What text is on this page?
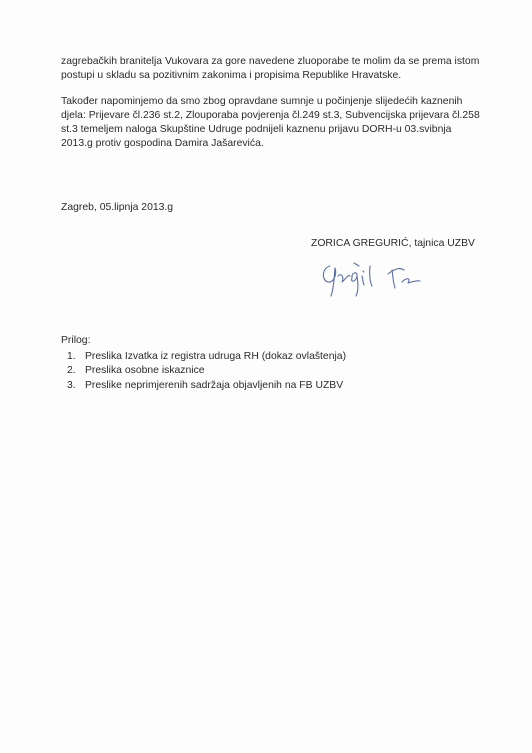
zagrebačkih branitelja Vukovara za gore navedene zluoporabe te molim da se prema istom
postupi u skladu sa pozitivnim zakonima i propisima Republike Hravatske.
Također napominjemo da smo zbog opravdane sumnje u počinjenje slijedećih kaznenih
djela: Prijevare čl.236 st.2, Zlouporaba povjerenja čl.249 st.3, Subvencijska prijevara čl.258
st.3 temeljem naloga Skupštine Udruge podnijeli kaznenu prijavu DORH-u 03.svibnja
2013.g protiv gospodina Damira Jašarevića.
Zagreb, 05.lipnja 2013.g
ZORICA GREGURIĆ, tajnica UZBV
Prilog:
Preslika Izvatka iz registra udruga RH (dokaz ovlaštenja)
Preslika osobne iskaznice
Preslike neprimjerenih sadržaja objavljenih na FB UZBV
